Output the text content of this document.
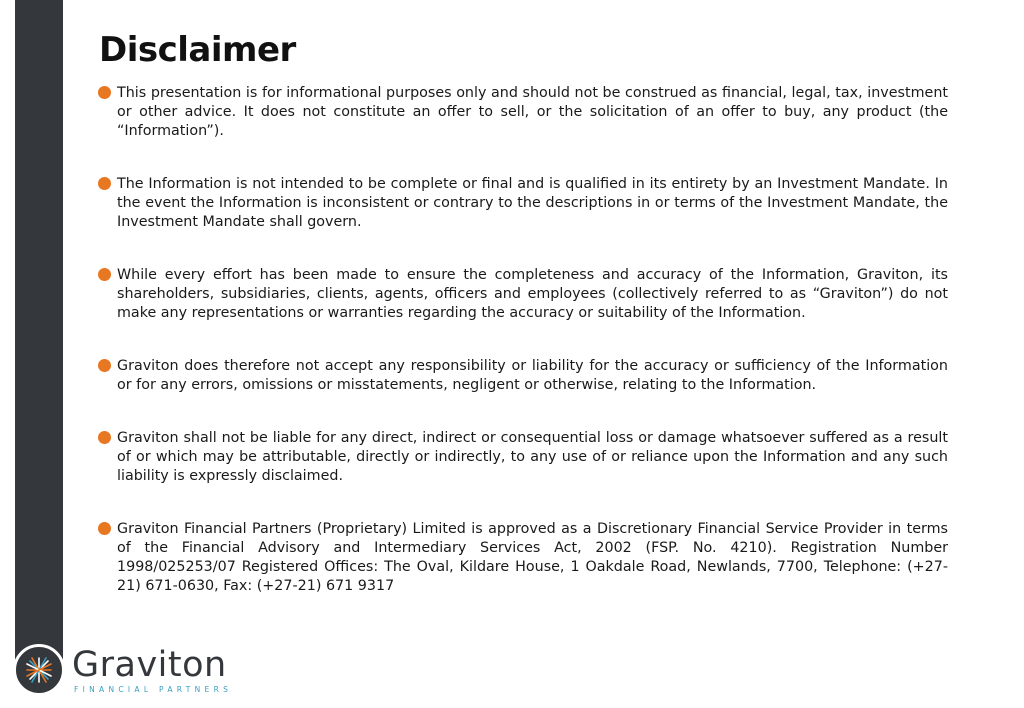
Disclaimer
This presentation is for informational purposes only and should not be construed as financial, legal, tax, investment or other advice. It does not constitute an offer to sell, or the solicitation of an offer to buy, any product (the “Information”).
The Information is not intended to be complete or final and is qualified in its entirety by an Investment Mandate. In the event the Information is inconsistent or contrary to the descriptions in or terms of the Investment Mandate, the Investment Mandate shall govern.
While every effort has been made to ensure the completeness and accuracy of the Information, Graviton, its shareholders, subsidiaries, clients, agents, officers and employees (collectively referred to as “Graviton”) do not make any representations or warranties regarding the accuracy or suitability of the Information.
Graviton does therefore not accept any responsibility or liability for the accuracy or sufficiency of the Information or for any errors, omissions or misstatements, negligent or otherwise, relating to the Information.
Graviton shall not be liable for any direct, indirect or consequential loss or damage whatsoever suffered as a result of or which may be attributable, directly or indirectly, to any use of or reliance upon the Information and any such liability is expressly disclaimed.
Graviton Financial Partners (Proprietary) Limited is approved as a Discretionary Financial Service Provider in terms of the Financial Advisory and Intermediary Services Act, 2002 (FSP. No. 4210). Registration Number 1998/025253/07 Registered Offices: The Oval, Kildare House, 1 Oakdale Road, Newlands, 7700, Telephone: (+27-21) 671-0630, Fax: (+27-21) 671 9317
Graviton
FINANCIAL PARTNERS
